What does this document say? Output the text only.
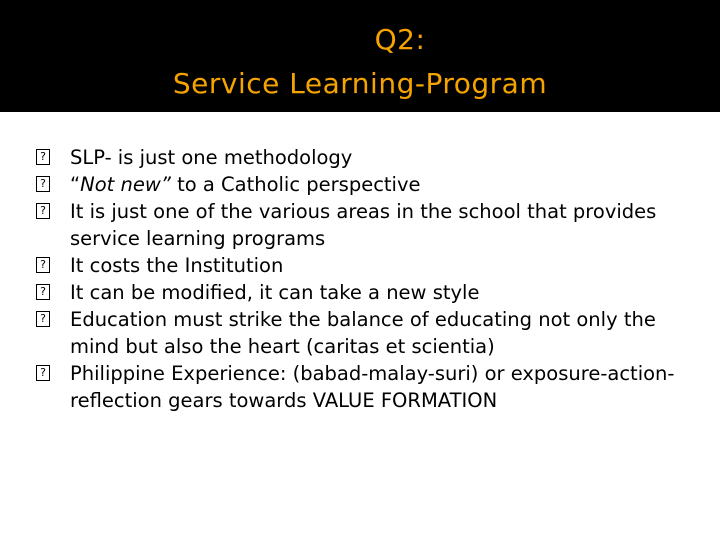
Q2:
Service Learning-Program

?
SLP- is just one methodology

?
“Not new” to a Catholic perspective

?
It is just one of the various areas in the school that provides service learning programs

?
It costs the Institution

?
It can be modified, it can take a new style

?
Education must strike the balance of educating not only the mind but also the heart (caritas et scientia)

?
Philippine Experience: (babad-malay-suri) or exposure-action-reflection gears towards VALUE FORMATION
